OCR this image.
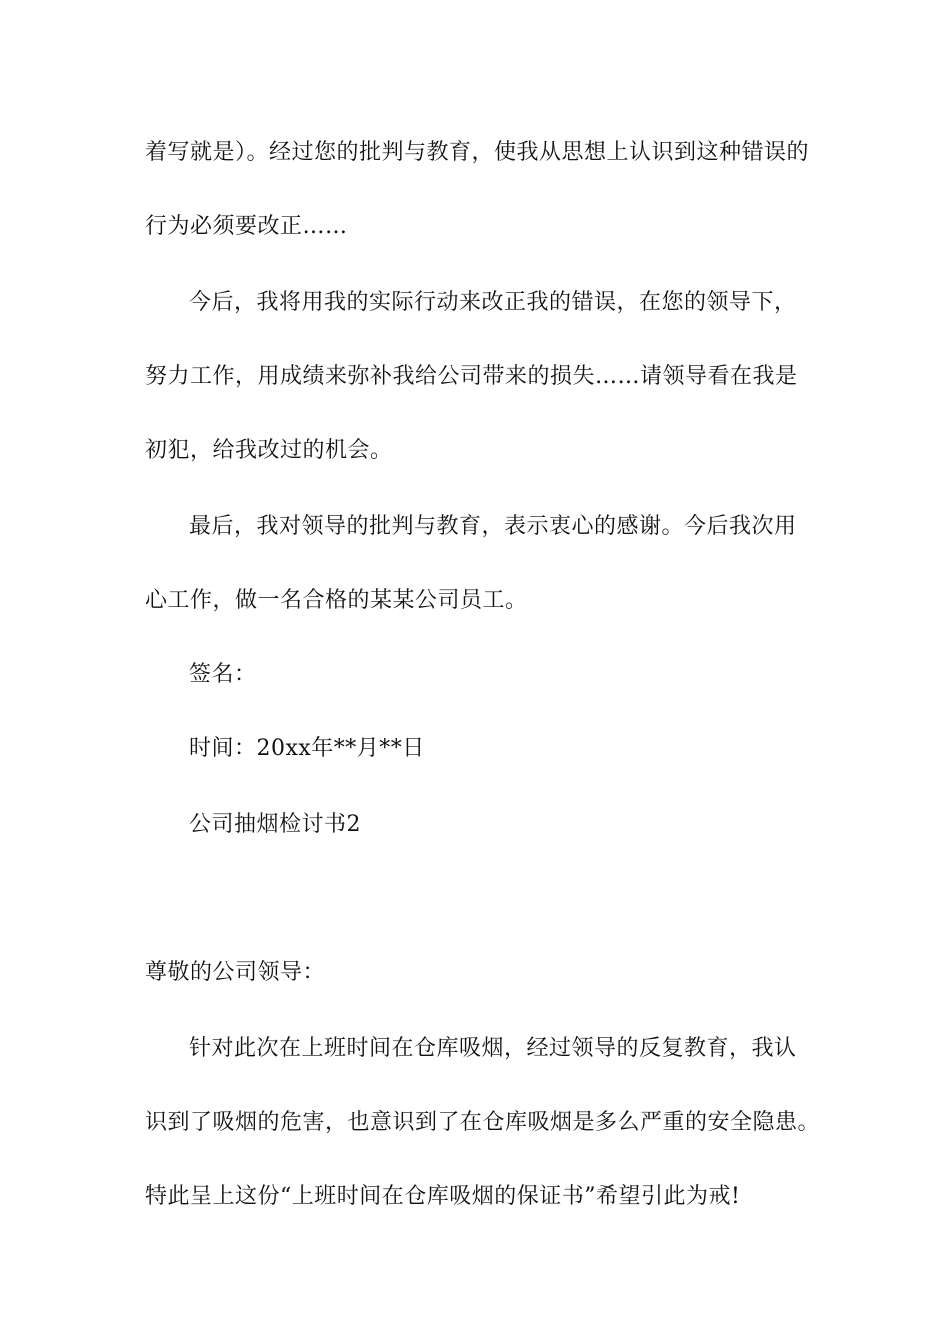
着写就是）。经过您的批判与教育，使我从思想上认识到这种错误的
行为必须要改正……
今后，我将用我的实际行动来改正我的错误，在您的领导下，
努力工作，用成绩来弥补我给公司带来的损失……请领导看在我是
初犯，给我改过的机会。
最后，我对领导的批判与教育，表示衷心的感谢。今后我次用
心工作，做一名合格的某某公司员工。
签名：
时间：20xx年**月**日
公司抽烟检讨书2
尊敬的公司领导：
针对此次在上班时间在仓库吸烟，经过领导的反复教育，我认
识到了吸烟的危害，也意识到了在仓库吸烟是多么严重的安全隐患。
特此呈上这份“上班时间在仓库吸烟的保证书”希望引此为戒!
